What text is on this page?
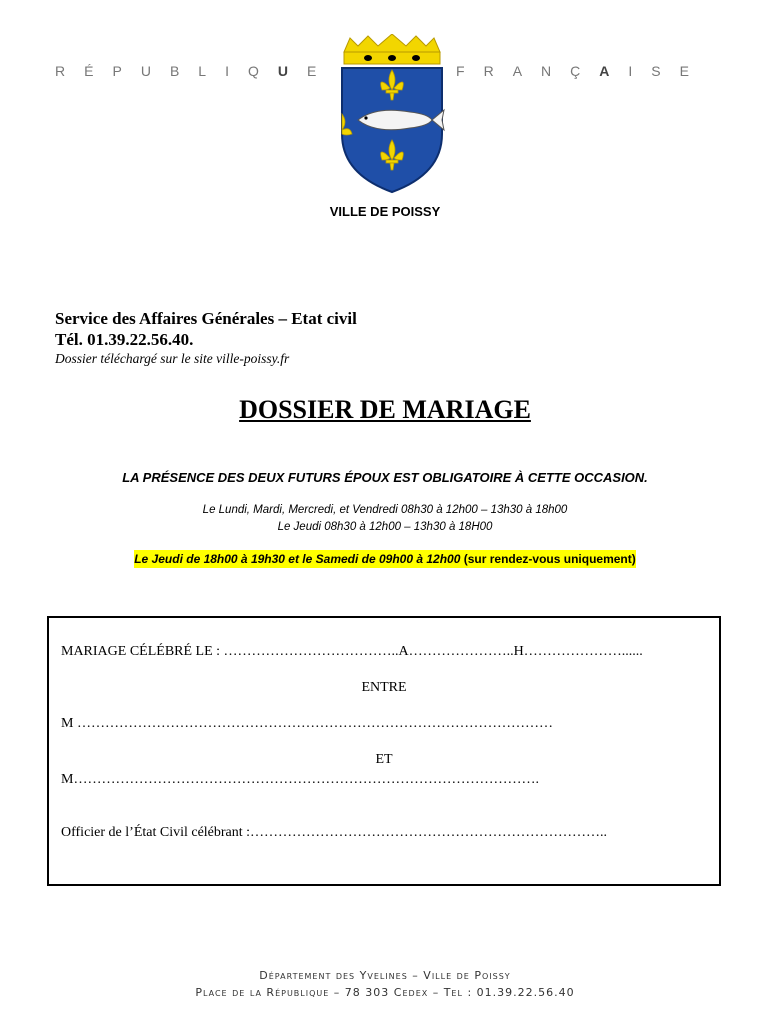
RÉPUBLIQUE	FRANÇAISE
VILLE DE POISSY
Service des Affaires Générales – Etat civil
Tél. 01.39.22.56.40.
Dossier téléchargé sur le site ville-poissy.fr
DOSSIER DE MARIAGE
LA PRÉSENCE DES DEUX FUTURS ÉPOUX EST OBLIGATOIRE À CETTE OCCASION.
Le Lundi, Mardi, Mercredi, et Vendredi 08h30 à 12h00 – 13h30 à 18h00
Le Jeudi 08h30 à 12h00 – 13h30 à 18H00
Le Jeudi de 18h00 à 19h30 et le Samedi de 09h00 à 12h00 (sur rendez-vous uniquement)
MARIAGE CÉLÉBRÉ LE : ………………………………..A…………………..H…………………......
ENTRE
M …………………………………………………………………………………………
ET
M……………………………………………………………………………………….
Officier de l’État Civil célébrant :…………………………………………………………………..
Département des Yvelines – Ville de Poissy
Place de la République – 78 303 Cedex – Tel : 01.39.22.56.40
